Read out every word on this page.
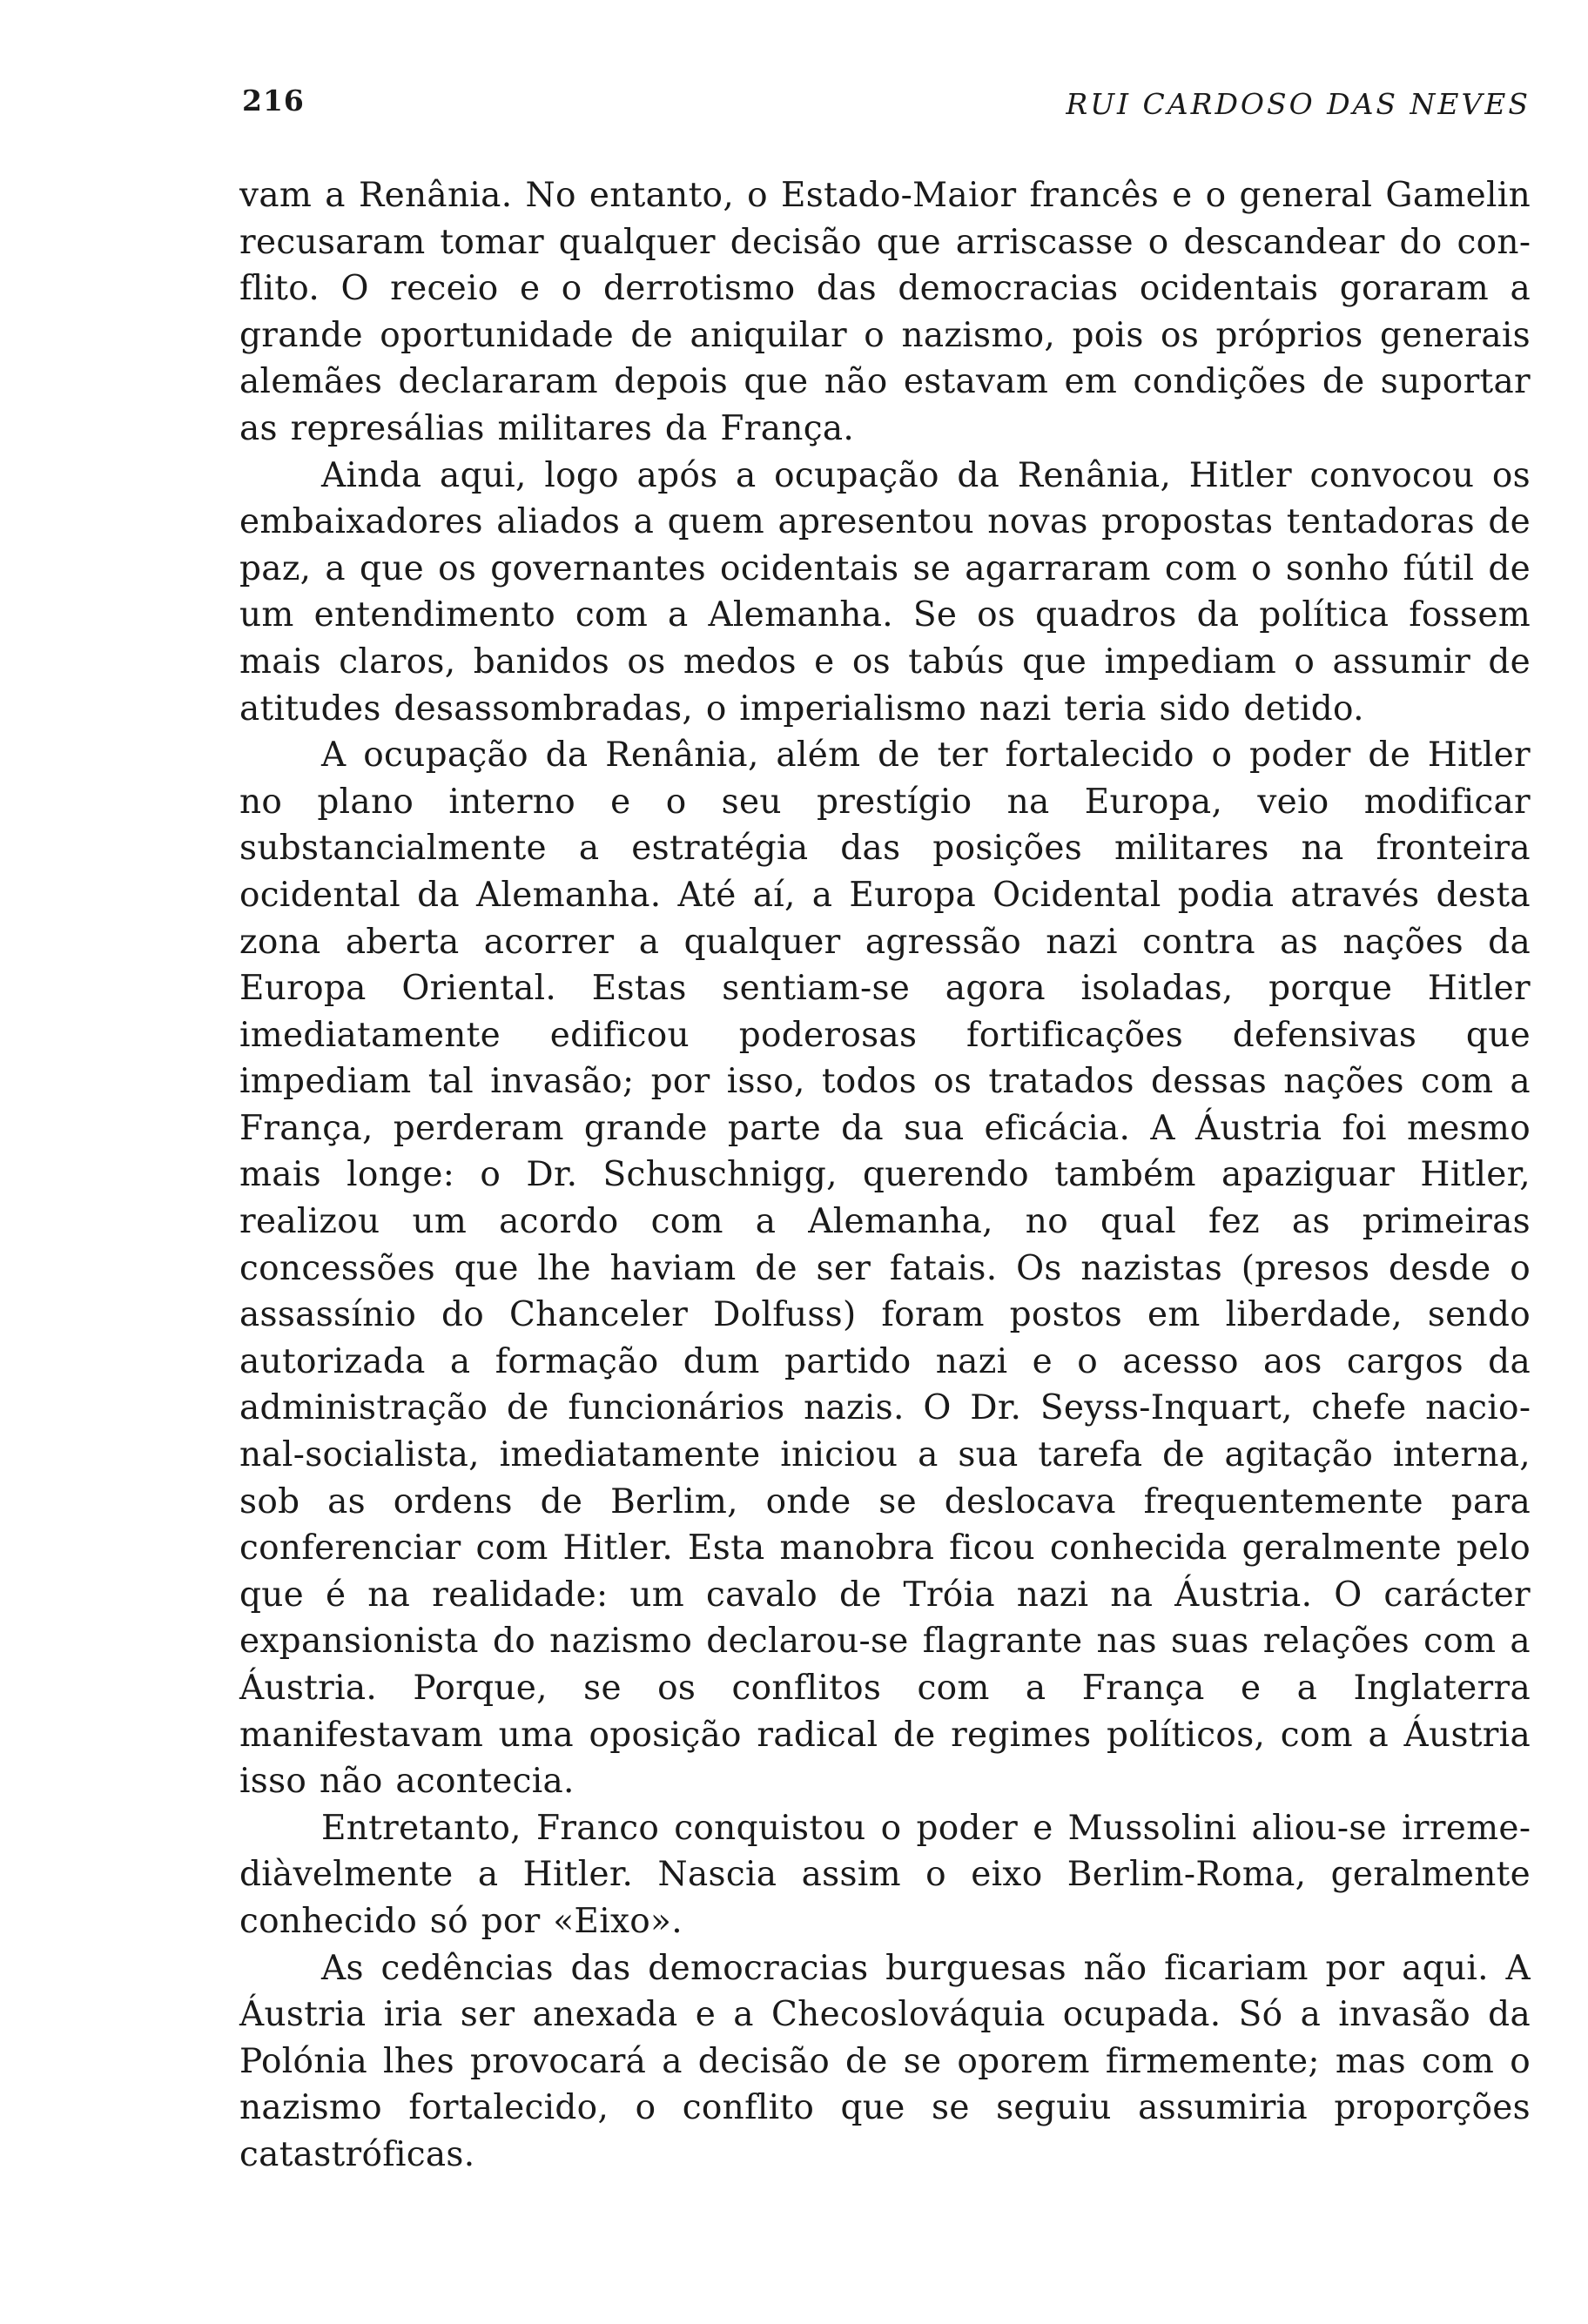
216	RUI CARDOSO DAS NEVES

vam a Renânia. No entanto, o Estado-Maior francês e o general Gamelin recusaram tomar qualquer decisão que arriscasse o descandear do conflito. O receio e o derrotismo das democracias ocidentais goraram a grande oportunidade de aniquilar o nazismo, pois os próprios generais alemães declararam depois que não estavam em condições de suportar as represálias militares da França.

Ainda aqui, logo após a ocupação da Renânia, Hitler convocou os embaixadores aliados a quem apresentou novas propostas tentadoras de paz, a que os governantes ocidentais se agarraram com o sonho fútil de um entendimento com a Alemanha. Se os quadros da política fossem mais claros, banidos os medos e os tabús que impediam o assumir de atitudes desassombradas, o imperialismo nazi teria sido detido.

A ocupação da Renânia, além de ter fortalecido o poder de Hitler no plano interno e o seu prestígio na Europa, veio modificar substancialmente a estratégia das posições militares na fronteira ocidental da Alemanha. Até aí, a Europa Ocidental podia através desta zona aberta acorrer a qualquer agressão nazi contra as nações da Europa Oriental. Estas sentiam-se agora isoladas, porque Hitler imediatamente edificou poderosas fortificações defensivas que impediam tal invasão; por isso, todos os tratados dessas nações com a França, perderam grande parte da sua eficácia. A Áustria foi mesmo mais longe: o Dr. Schuschnigg, querendo também apaziguar Hitler, realizou um acordo com a Alemanha, no qual fez as primeiras concessões que lhe haviam de ser fatais. Os nazistas (presos desde o assassínio do Chanceler Dolfuss) foram postos em liberdade, sendo autorizada a formação dum partido nazi e o acesso aos cargos da administração de funcionários nazis. O Dr. Seyss-Inquart, chefe nacional-socialista, imediatamente iniciou a sua tarefa de agitação interna, sob as ordens de Berlim, onde se deslocava frequentemente para conferenciar com Hitler. Esta manobra ficou conhecida geralmente pelo que é na realidade: um cavalo de Tróia nazi na Áustria. O carácter expansionista do nazismo declarou-se flagrante nas suas relações com a Áustria. Porque, se os conflitos com a França e a Inglaterra manifestavam uma oposição radical de regimes políticos, com a Áustria isso não acontecia.

Entretanto, Franco conquistou o poder e Mussolini aliou-se irremediàvelmente a Hitler. Nascia assim o eixo Berlim-Roma, geralmente conhecido só por «Eixo».

As cedências das democracias burguesas não ficariam por aqui. A Áustria iria ser anexada e a Checoslováquia ocupada. Só a invasão da Polónia lhes provocará a decisão de se oporem firmemente; mas com o nazismo fortalecido, o conflito que se seguiu assumiria proporções catastróficas.
